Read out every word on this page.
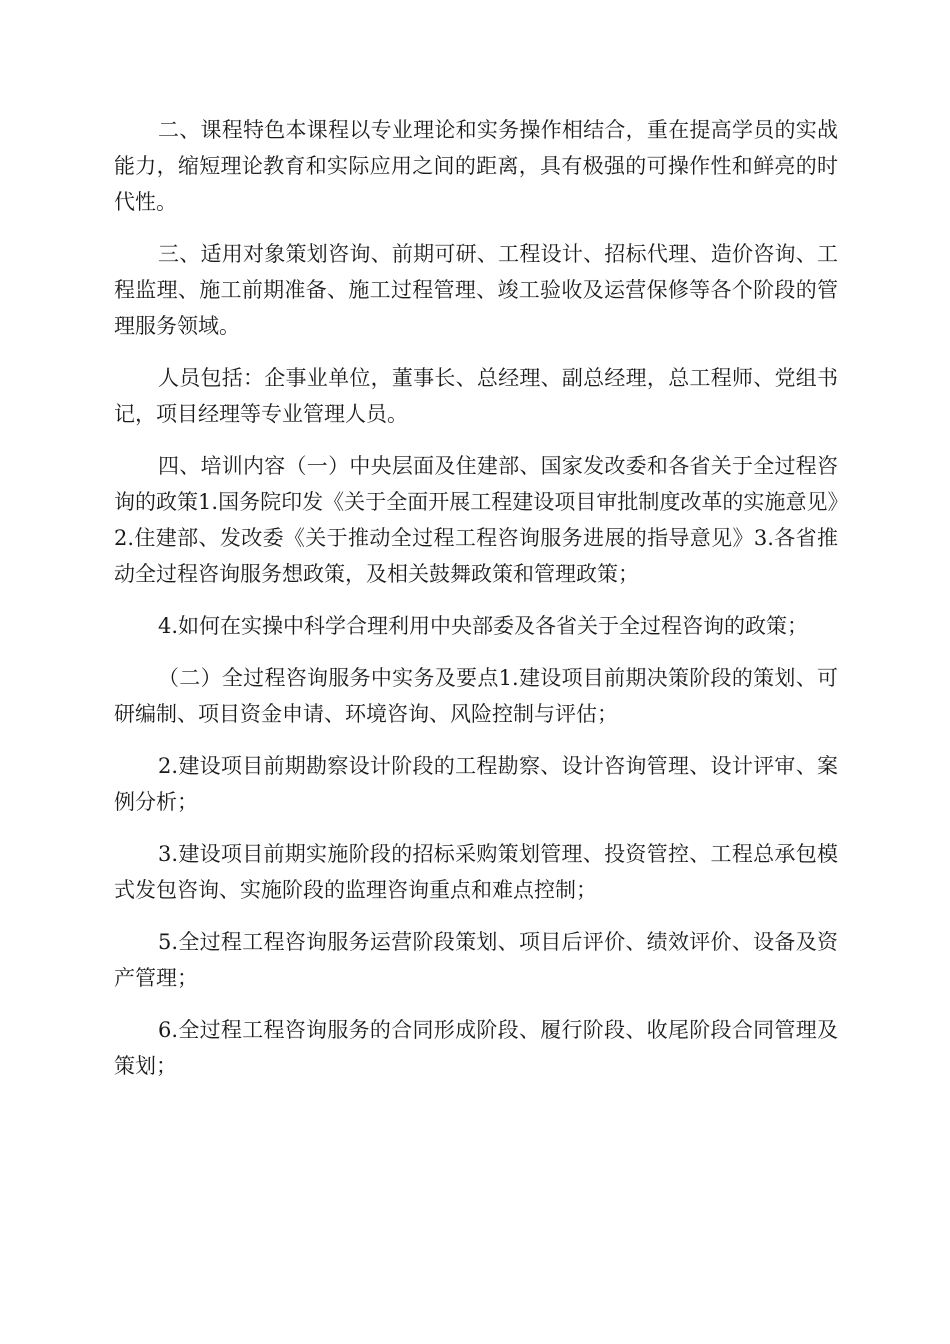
二、课程特色本课程以专业理论和实务操作相结合，重在提高学员的实战能力，缩短理论教育和实际应用之间的距离，具有极强的可操作性和鲜亮的时代性。

三、适用对象策划咨询、前期可研、工程设计、招标代理、造价咨询、工程监理、施工前期准备、施工过程管理、竣工验收及运营保修等各个阶段的管理服务领域。

人员包括：企事业单位，董事长、总经理、副总经理，总工程师、党组书记，项目经理等专业管理人员。

四、培训内容（一）中央层面及住建部、国家发改委和各省关于全过程咨询的政策1.国务院印发《关于全面开展工程建设项目审批制度改革的实施意见》2.住建部、发改委《关于推动全过程工程咨询服务进展的指导意见》3.各省推动全过程咨询服务想政策，及相关鼓舞政策和管理政策；

4.如何在实操中科学合理利用中央部委及各省关于全过程咨询的政策；

（二）全过程咨询服务中实务及要点1.建设项目前期决策阶段的策划、可研编制、项目资金申请、环境咨询、风险控制与评估；

2.建设项目前期勘察设计阶段的工程勘察、设计咨询管理、设计评审、案例分析；

3.建设项目前期实施阶段的招标采购策划管理、投资管控、工程总承包模式发包咨询、实施阶段的监理咨询重点和难点控制；

5.全过程工程咨询服务运营阶段策划、项目后评价、绩效评价、设备及资产管理；

6.全过程工程咨询服务的合同形成阶段、履行阶段、收尾阶段合同管理及策划；
